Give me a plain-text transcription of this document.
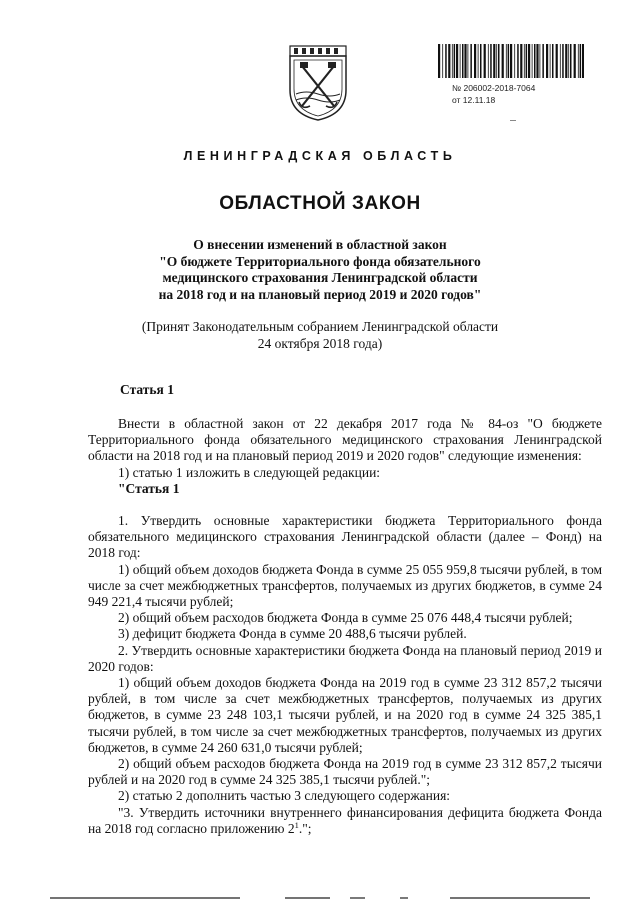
№ 206002-2018-7064
от 12.11.18
ЛЕНИНГРАДСКАЯ ОБЛАСТЬ
ОБЛАСТНОЙ ЗАКОН
О внесении изменений в областной закон
"О бюджете Территориального фонда обязательного
медицинского страхования Ленинградской области
на 2018 год и на плановый период 2019 и 2020 годов"
(Принят Законодательным собранием Ленинградской области
24 октября 2018 года)
Статья 1

Внести в областной закон от 22 декабря 2017 года № 84-оз "О бюджете Территориального фонда обязательного медицинского страхования Ленинградской области на 2018 год и на плановый период 2019 и 2020 годов" следующие изменения:

1) статью 1 изложить в следующей редакции:

"Статья 1

1. Утвердить основные характеристики бюджета Территориального фонда обязательного медицинского страхования Ленинградской области (далее – Фонд) на 2018 год:

1) общий объем доходов бюджета Фонда в сумме 25 055 959,8 тысячи рублей, в том числе за счет межбюджетных трансфертов, получаемых из других бюджетов, в сумме 24 949 221,4 тысячи рублей;

2) общий объем расходов бюджета Фонда в сумме 25 076 448,4 тысячи рублей;

3) дефицит бюджета Фонда в сумме 20 488,6 тысячи рублей.

2. Утвердить основные характеристики бюджета Фонда на плановый период 2019 и 2020 годов:

1) общий объем доходов бюджета Фонда на 2019 год в сумме 23 312 857,2 тысячи рублей, в том числе за счет межбюджетных трансфертов, получаемых из других бюджетов, в сумме 23 248 103,1 тысячи рублей, и на 2020 год в сумме 24 325 385,1 тысячи рублей, в том числе за счет межбюджетных трансфертов, получаемых из других бюджетов, в сумме 24 260 631,0 тысячи рублей;

2) общий объем расходов бюджета Фонда на 2019 год в сумме 23 312 857,2 тысячи рублей и на 2020 год в сумме 24 325 385,1 тысячи рублей.";

2) статью 2 дополнить частью 3 следующего содержания:

"3. Утвердить источники внутреннего финансирования дефицита бюджета Фонда на 2018 год согласно приложению $2^1$.";
